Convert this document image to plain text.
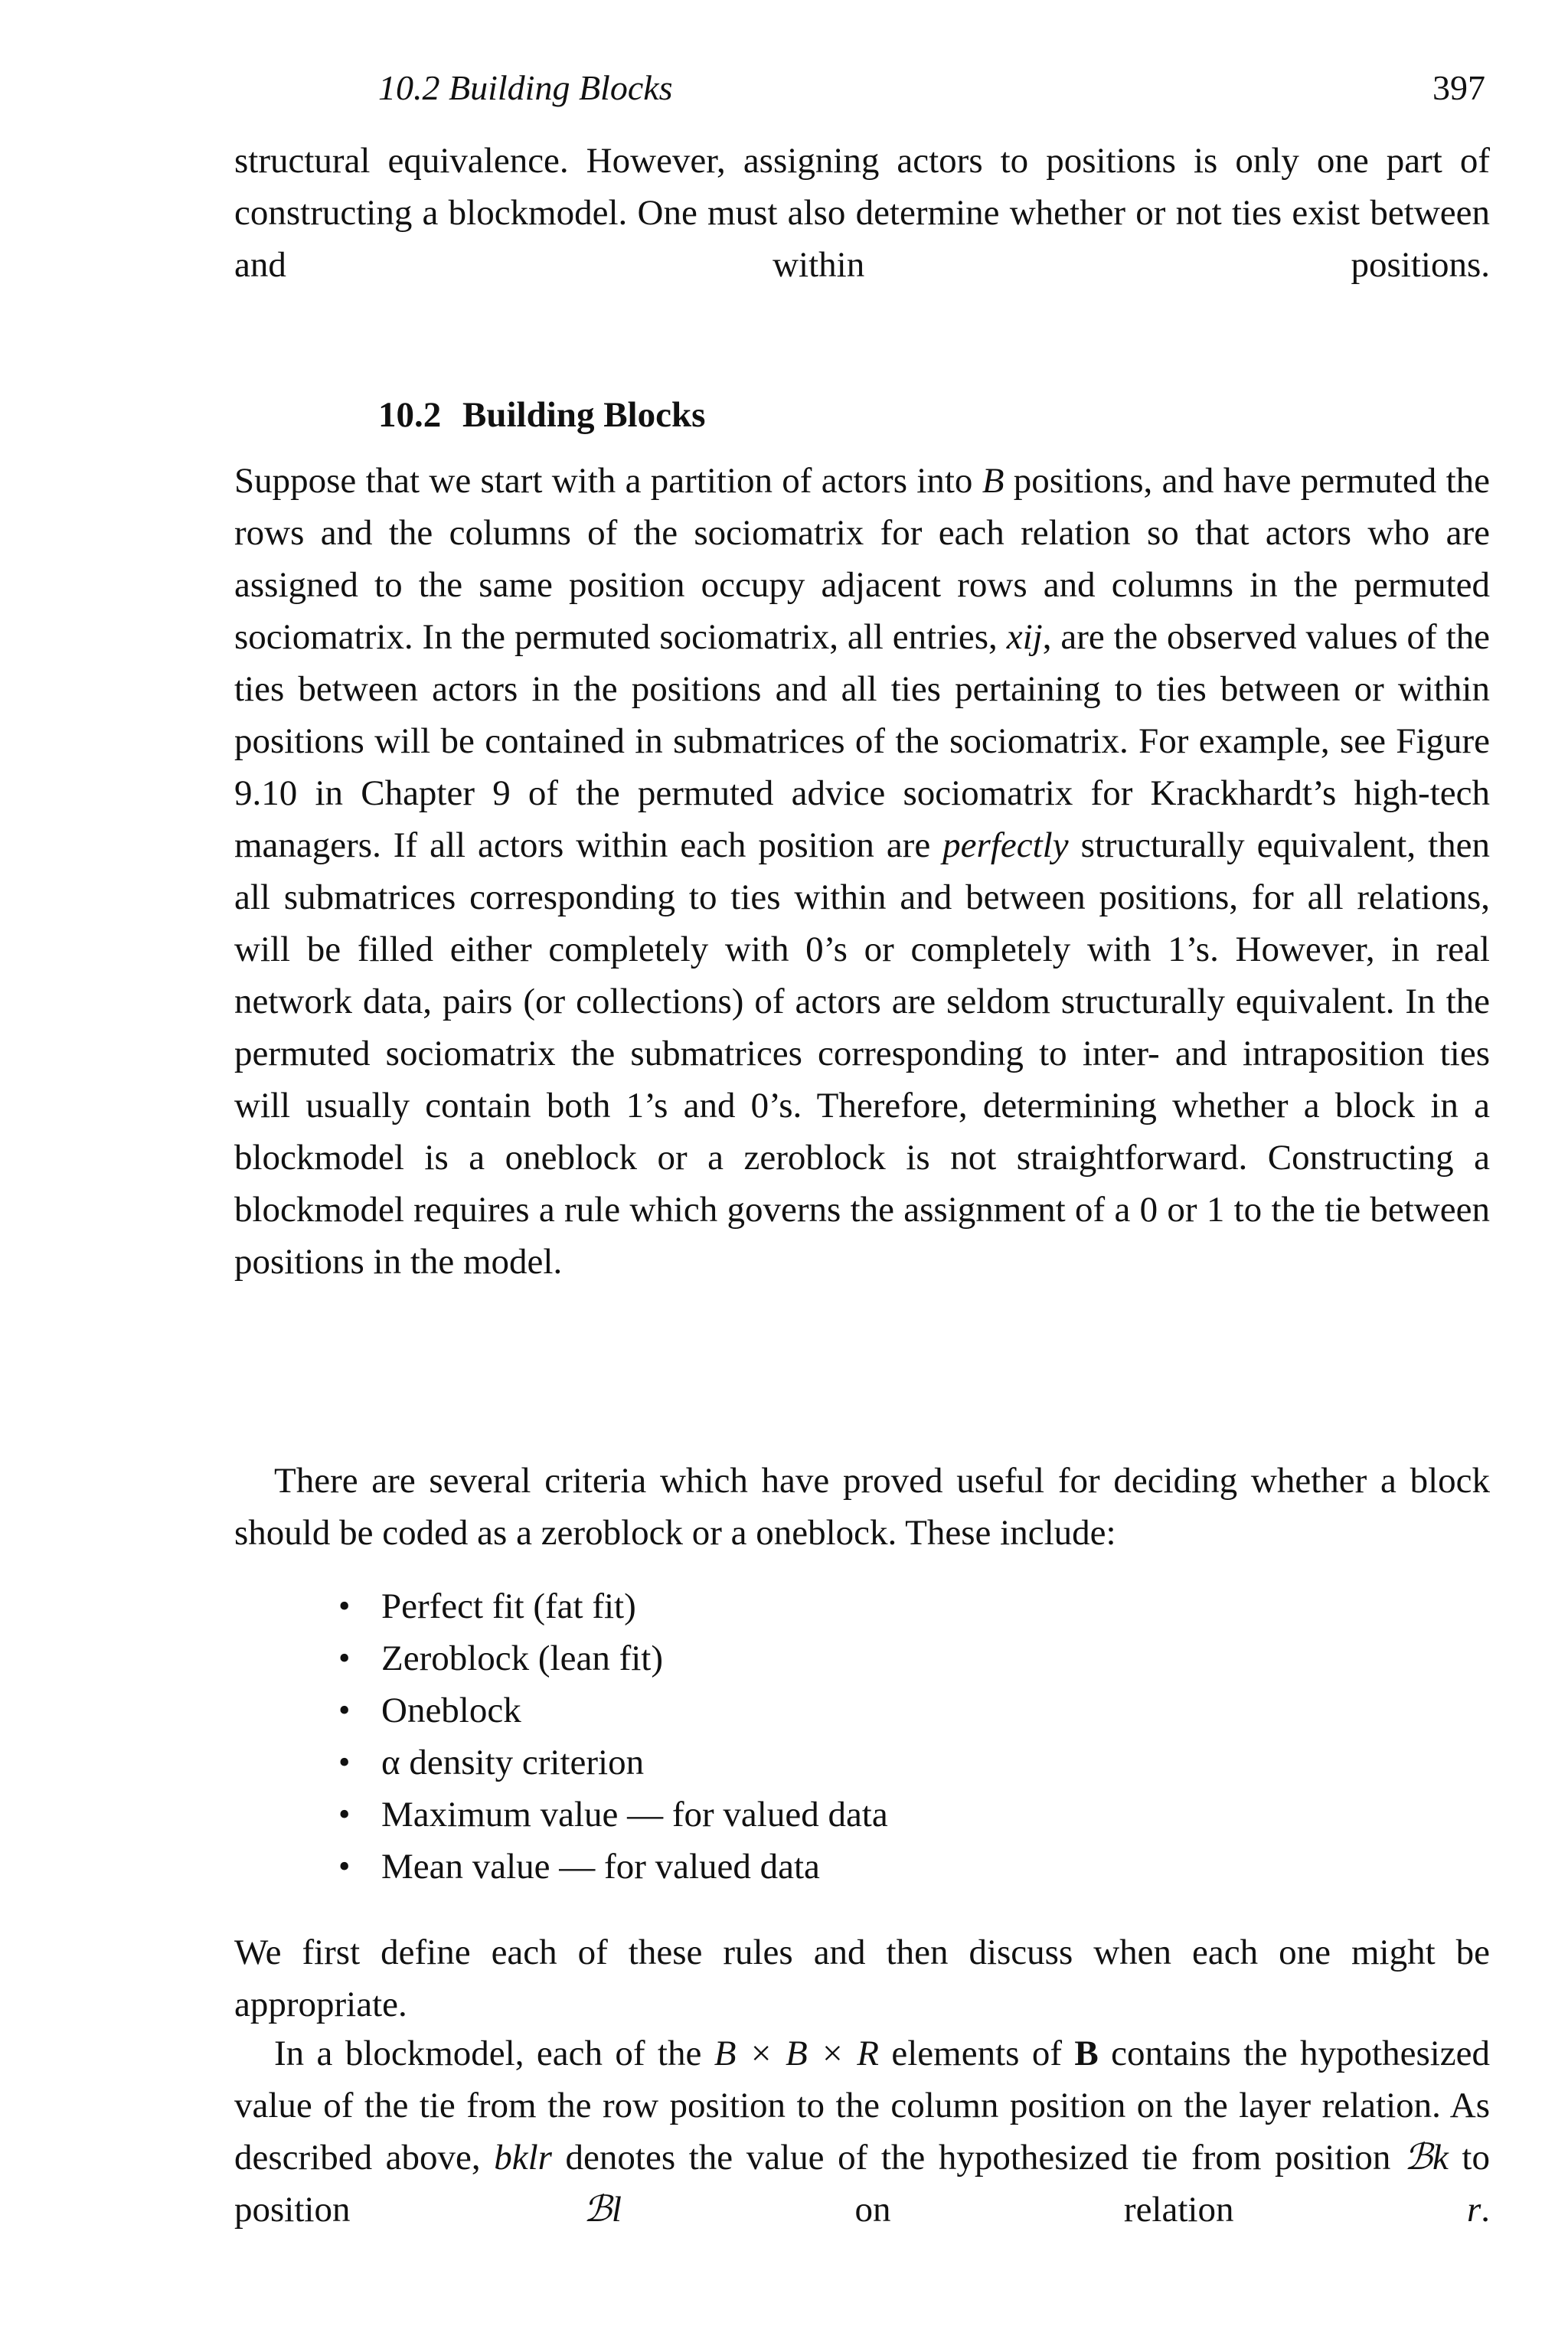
10.2 Building Blocks	397

structural equivalence. However, assigning actors to positions is only one part of constructing a blockmodel. One must also determine whether or not ties exist between and within positions.

10.2 Building Blocks

Suppose that we start with a partition of actors into B positions, and have permuted the rows and the columns of the sociomatrix for each relation so that actors who are assigned to the same position occupy adjacent rows and columns in the permuted sociomatrix. In the permuted sociomatrix, all entries, xij, are the observed values of the ties between actors in the positions and all ties pertaining to ties between or within positions will be contained in submatrices of the sociomatrix. For example, see Figure 9.10 in Chapter 9 of the permuted advice sociomatrix for Krackhardt’s high-tech managers. If all actors within each position are perfectly structurally equivalent, then all submatrices corresponding to ties within and between positions, for all relations, will be filled either completely with 0’s or completely with 1’s. However, in real network data, pairs (or collections) of actors are seldom structurally equivalent. In the permuted sociomatrix the submatrices corresponding to inter- and intraposition ties will usually contain both 1’s and 0’s. Therefore, determining whether a block in a blockmodel is a oneblock or a zeroblock is not straightforward. Constructing a blockmodel requires a rule which governs the assignment of a 0 or 1 to the tie between positions in the model.

There are several criteria which have proved useful for deciding whether a block should be coded as a zeroblock or a oneblock. These include:

• Perfect fit (fat fit)
• Zeroblock (lean fit)
• Oneblock
• α density criterion
• Maximum value — for valued data
• Mean value — for valued data

We first define each of these rules and then discuss when each one might be appropriate.

In a blockmodel, each of the B × B × R elements of B contains the hypothesized value of the tie from the row position to the column position on the layer relation. As described above, bklr denotes the value of the hypothesized tie from position ℬk to position ℬl on relation r.
